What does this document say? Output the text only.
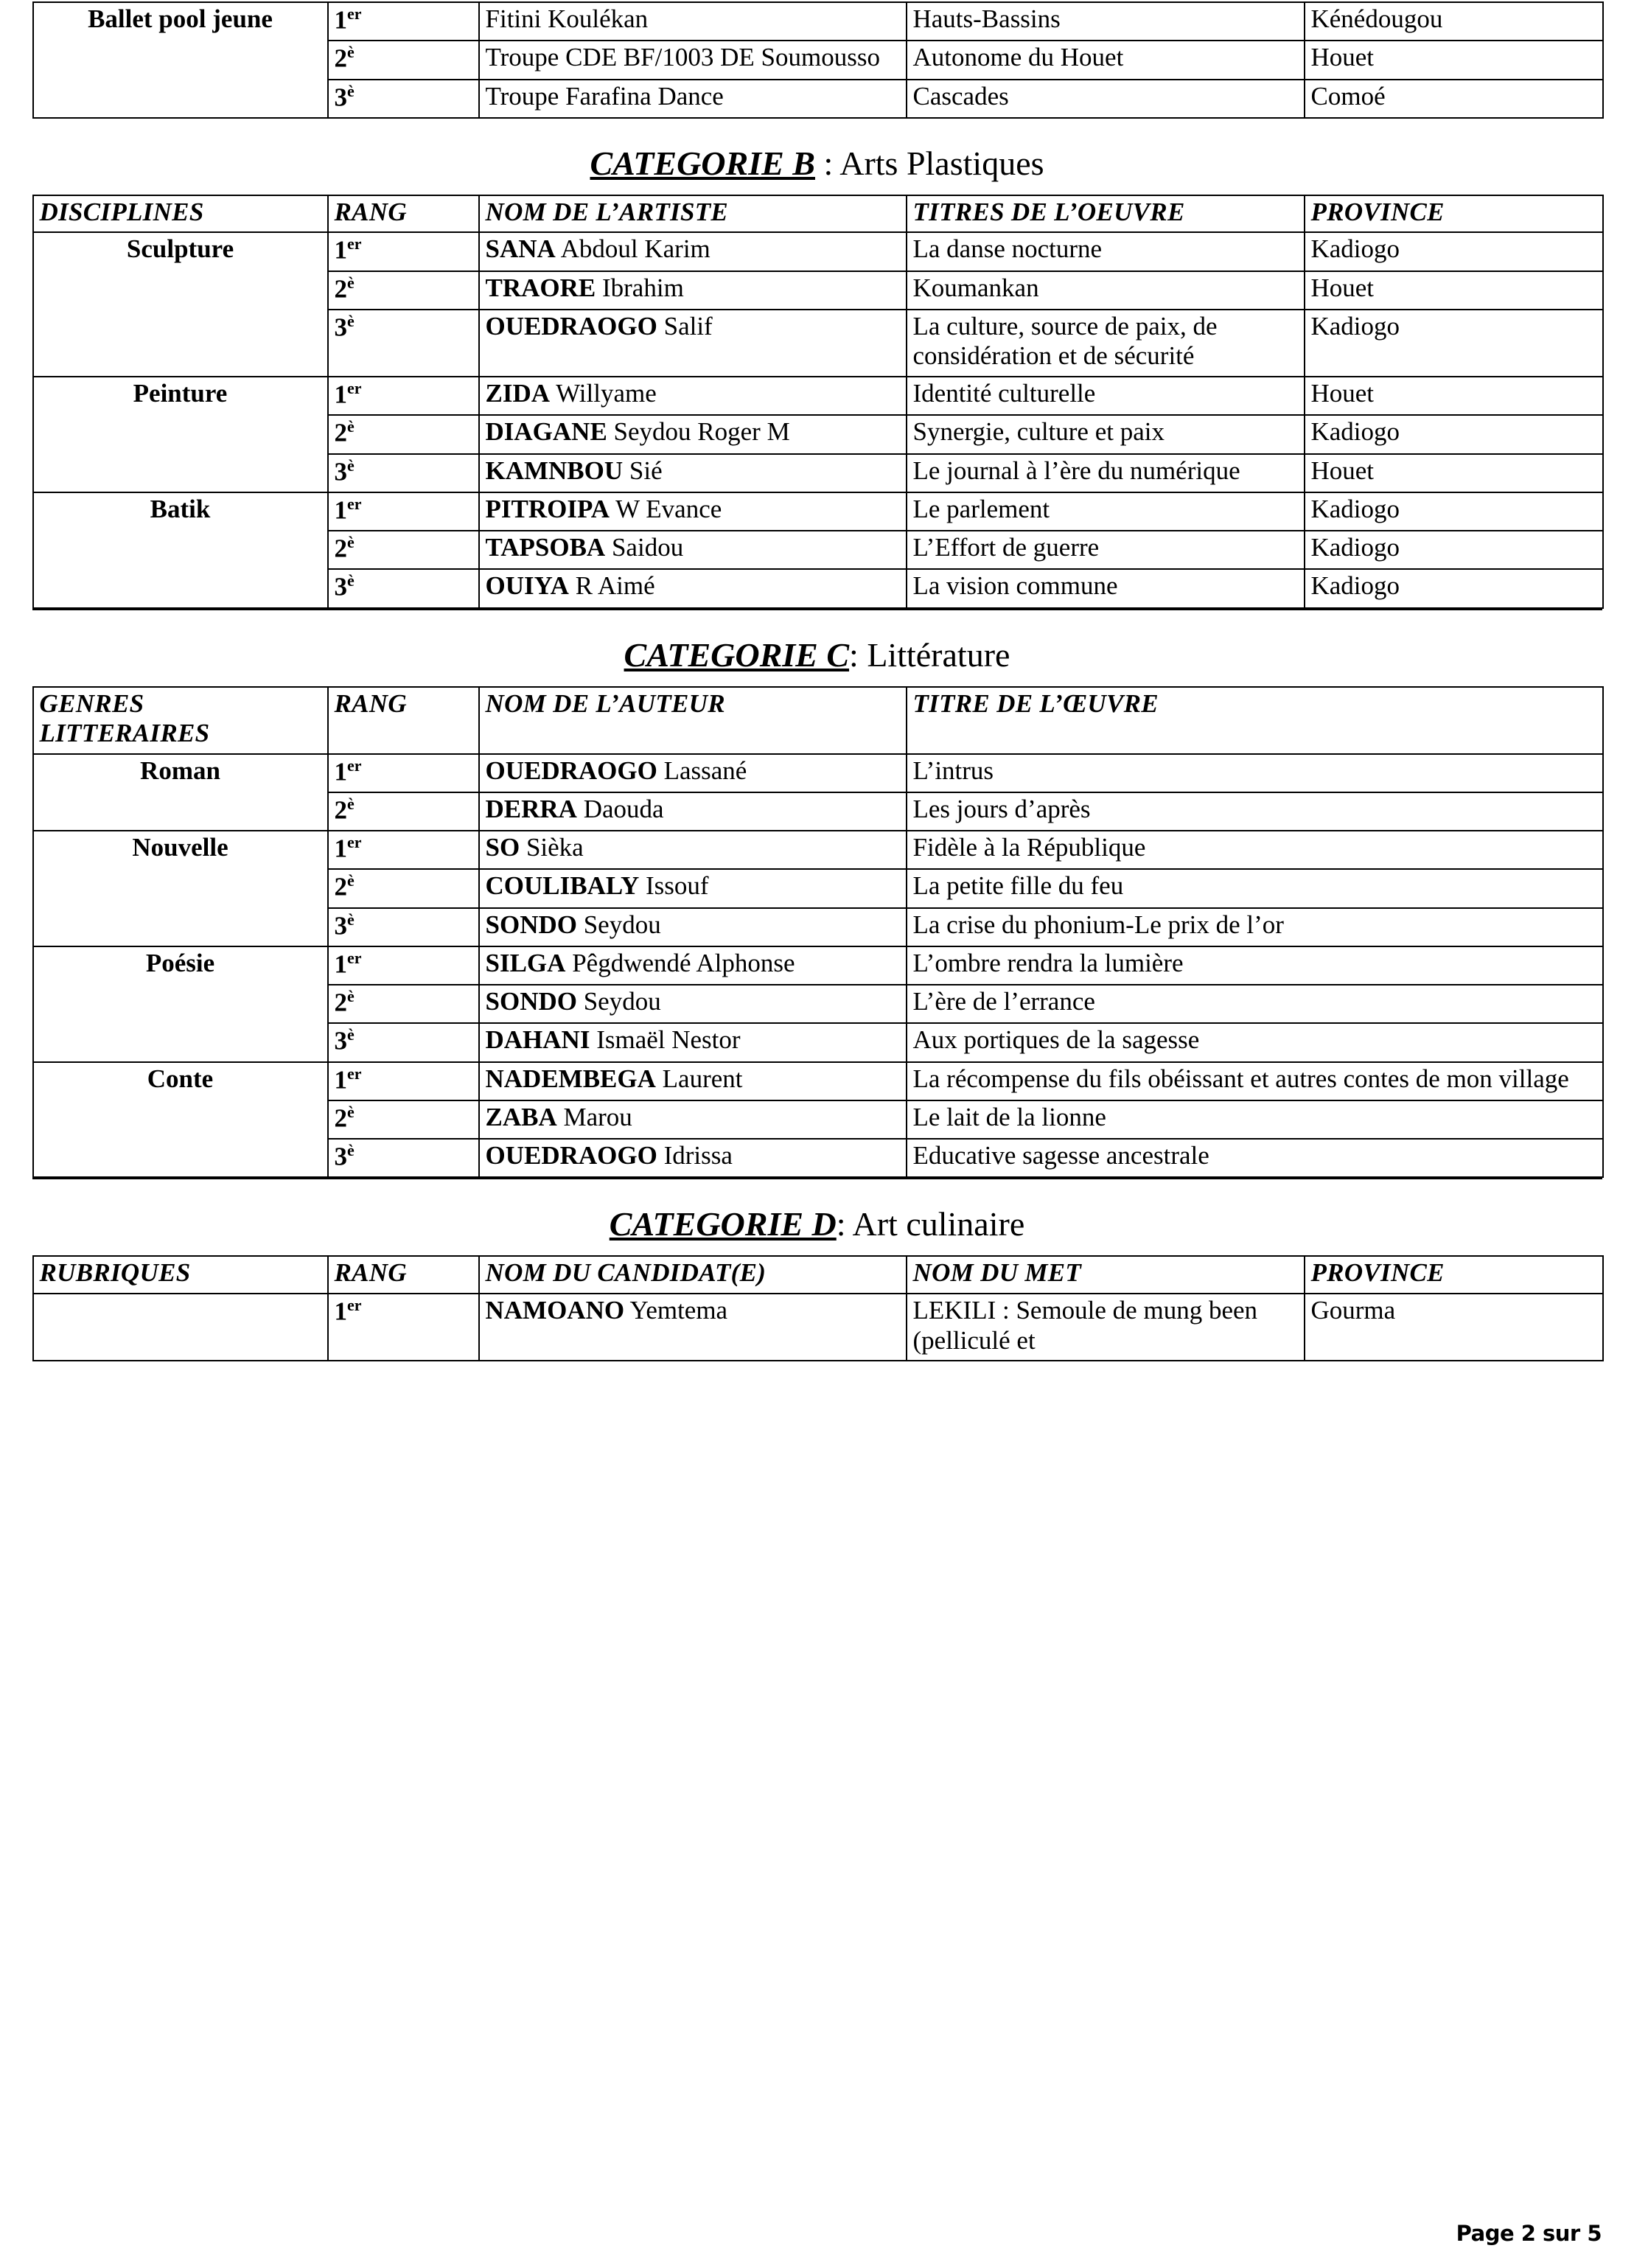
Ballet pool jeune	1er	Fitini Koulékan	Hauts-Bassins	Kénédougou
	$2^è$	Troupe CDE BF/1003 DE Soumousso	Autonome du Houet	Houet
	$3^è$	Troupe Farafina Dance	Cascades	Comoé
CATEGORIE B : Arts Plastiques
DISCIPLINES	RANG	NOM DE L’ARTISTE	TITRES DE L’OEUVRE	PROVINCE
Sculpture	1er	SANA Abdoul Karim	La danse nocturne	Kadiogo
	$2^è$	TRAORE Ibrahim	Koumankan	Houet
	$3^è$	OUEDRAOGO Salif	La culture, source de paix, de considération et de sécurité	Kadiogo
Peinture	1er	ZIDA Willyame	Identité culturelle	Houet
	$2^è$	DIAGANE Seydou Roger M	Synergie, culture et paix	Kadiogo
	$3^è$	KAMNBOU Sié	Le journal à l’ère du numérique	Houet
Batik	1er	PITROIPA W Evance	Le parlement	Kadiogo
	$2^è$	TAPSOBA Saidou	L’Effort de guerre	Kadiogo
	$3^è$	OUIYA R Aimé	La vision commune	Kadiogo
CATEGORIE C: Littérature
GENRES
LITTERAIRES	RANG	NOM DE L’AUTEUR	TITRE DE L’ŒUVRE
Roman	1er	OUEDRAOGO Lassané	L’intrus
	$2^è$	DERRA Daouda	Les jours d’après
Nouvelle	1er	SO Sièka	Fidèle à la République
	$2^è$	COULIBALY Issouf	La petite fille du feu
	$3^è$	SONDO Seydou	La crise du phonium-Le prix de l’or
Poésie	1er	SILGA Pêgdwendé Alphonse	L’ombre rendra la lumière
	$2^è$	SONDO Seydou	L’ère de l’errance
	$3^è$	DAHANI Ismaël Nestor	Aux portiques de la sagesse
Conte	1er	NADEMBEGA Laurent	La récompense du fils obéissant et autres contes de mon village
	$2^è$	ZABA Marou	Le lait de la lionne
	$3^è$	OUEDRAOGO Idrissa	Educative sagesse ancestrale
CATEGORIE D: Art culinaire
RUBRIQUES	RANG	NOM DU CANDIDAT(E)	NOM DU MET	PROVINCE
	1er	NAMOANO Yemtema	LEKILI : Semoule de mung been (pelliculé et	Gourma
Page 2 sur 5
